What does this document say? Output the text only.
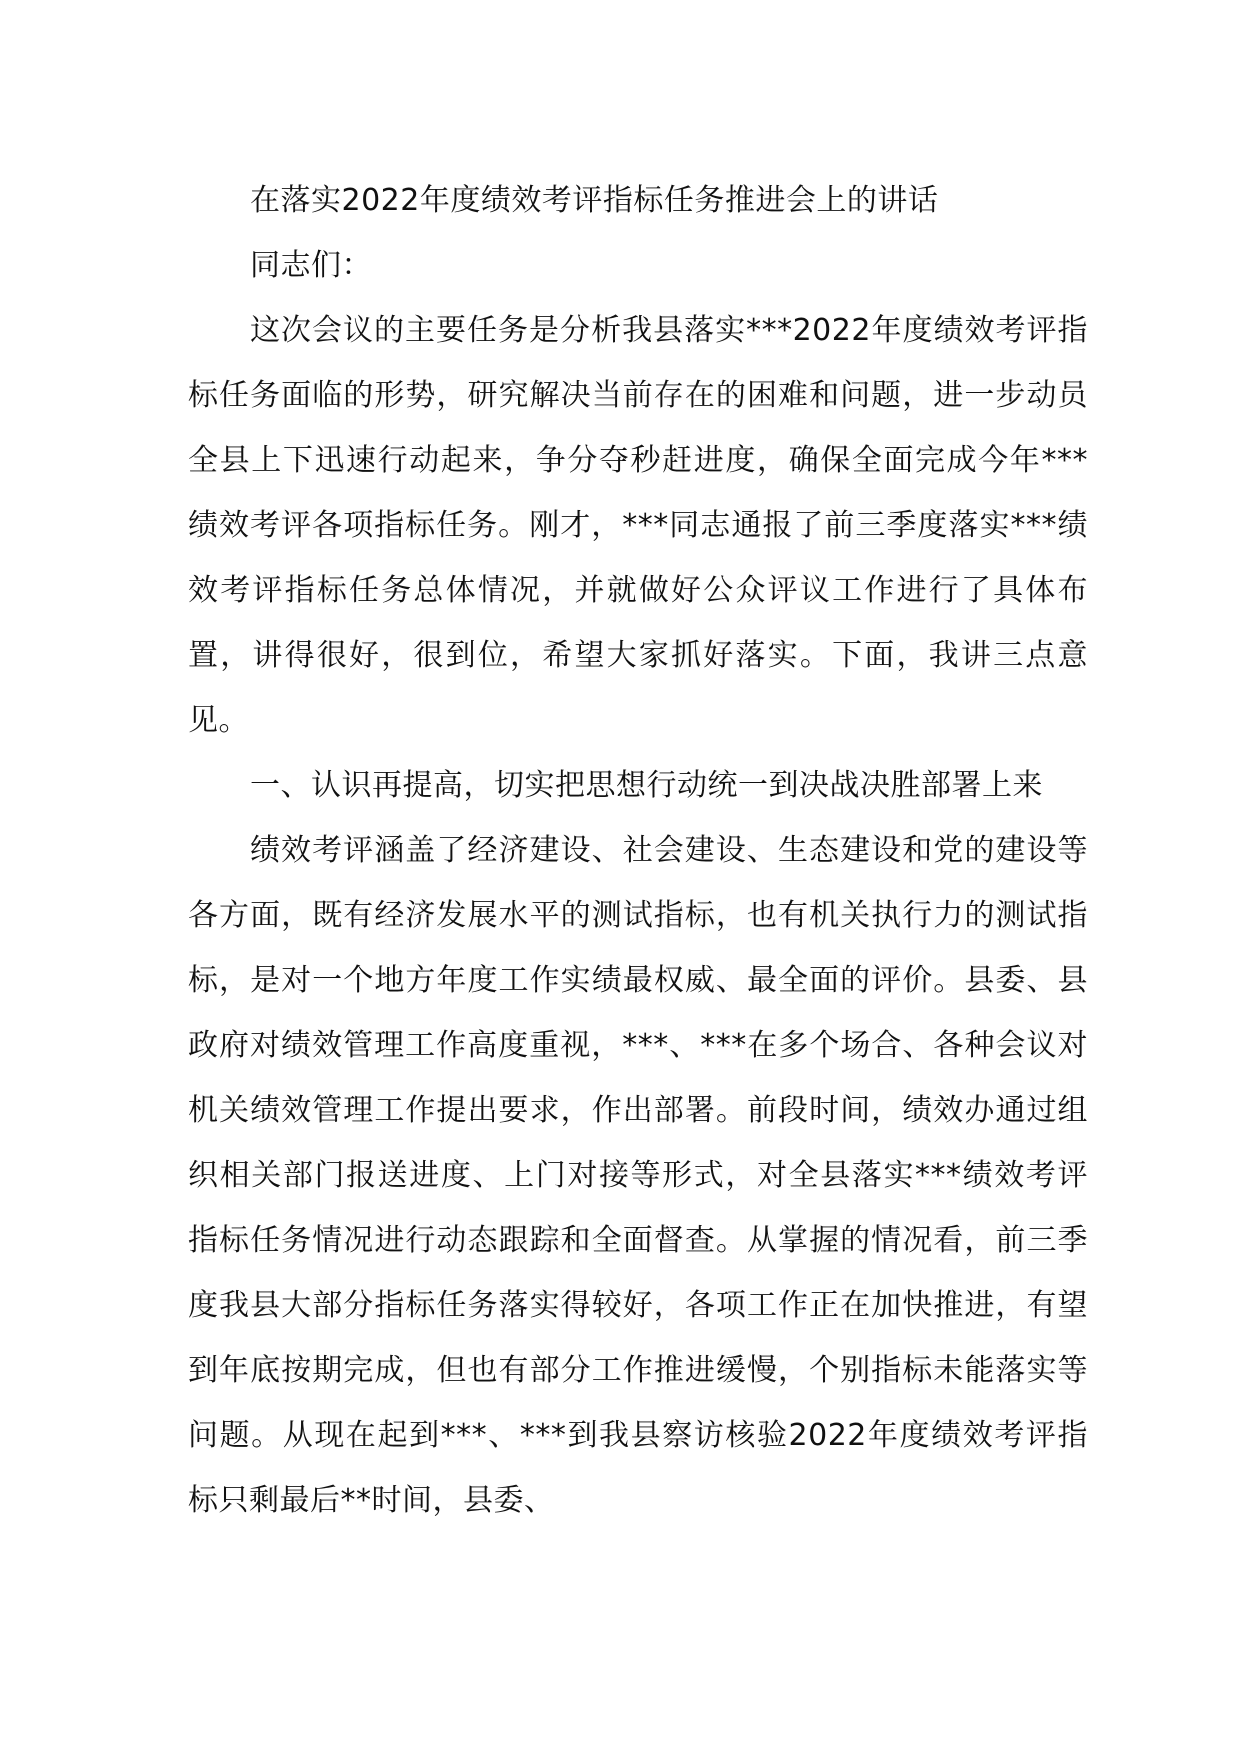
在落实2022年度绩效考评指标任务推进会上的讲话

同志们：

这次会议的主要任务是分析我县落实***2022年度绩效考评指标任务面临的形势，研究解决当前存在的困难和问题，进一步动员全县上下迅速行动起来，争分夺秒赶进度，确保全面完成今年***绩效考评各项指标任务。刚才，***同志通报了前三季度落实***绩效考评指标任务总体情况，并就做好公众评议工作进行了具体布置，讲得很好，很到位，希望大家抓好落实。下面，我讲三点意见。

一、认识再提高，切实把思想行动统一到决战决胜部署上来

绩效考评涵盖了经济建设、社会建设、生态建设和党的建设等各方面，既有经济发展水平的测试指标，也有机关执行力的测试指标，是对一个地方年度工作实绩最权威、最全面的评价。县委、县政府对绩效管理工作高度重视，***、***在多个场合、各种会议对机关绩效管理工作提出要求，作出部署。前段时间，绩效办通过组织相关部门报送进度、上门对接等形式，对全县落实***绩效考评指标任务情况进行动态跟踪和全面督查。从掌握的情况看，前三季度我县大部分指标任务落实得较好，各项工作正在加快推进，有望到年底按期完成，但也有部分工作推进缓慢，个别指标未能落实等问题。从现在起到***、***到我县察访核验2022年度绩效考评指标只剩最后**时间，县委、
